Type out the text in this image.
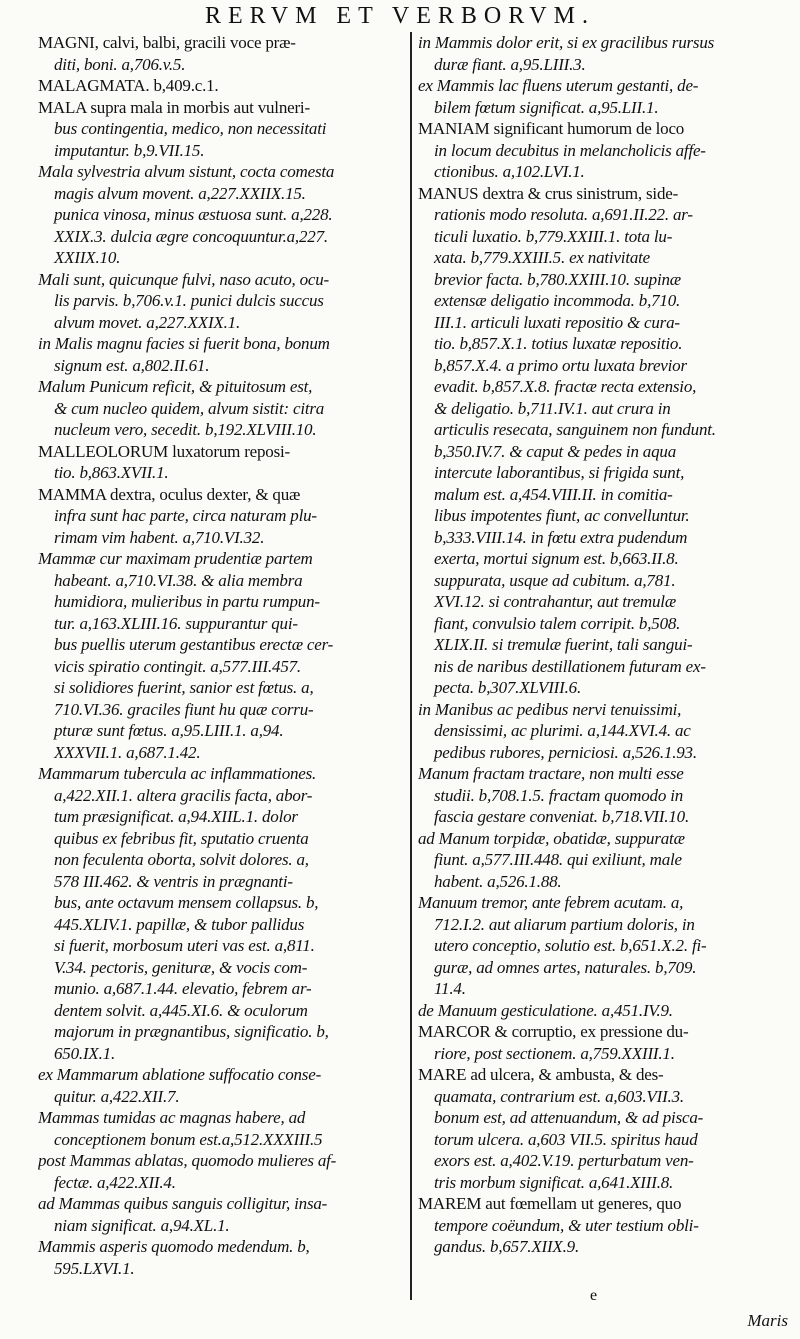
RERVM ET VERBORVM.
MAGNI, calvi, balbi, gracili voce præ-
diti, boni. a,706.v.5.
MALAGMATA. b,409.c.1.
MALA supra mala in morbis aut vulneri-
bus contingentia, medico, non necessitati
imputantur. b,9.VII.15.
Mala sylvestria alvum sistunt, cocta comesta
magis alvum movent. a,227.XXIIX.15.
punica vinosa, minus æstuosa sunt. a,228.
XXIX.3. dulcia ægre concoquuntur.a,227.
XXIIX.10.
Mali sunt, quicunque fulvi, naso acuto, ocu-
lis parvis. b,706.v.1. punici dulcis succus
alvum movet. a,227.XXIX.1.
in Malis magnu facies si fuerit bona, bonum
signum est. a,802.II.61.
Malum Punicum reficit, & pituitosum est,
& cum nucleo quidem, alvum sistit: citra
nucleum vero, secedit. b,192.XLVIII.10.
MALLEOLORUM luxatorum reposi-
tio. b,863.XVII.1.
MAMMA dextra, oculus dexter, & quæ
infra sunt hac parte, circa naturam plu-
rimam vim habent. a,710.VI.32.
Mammæ cur maximam prudentiæ partem
habeant. a,710.VI.38. & alia membra
humidiora, mulieribus in partu rumpun-
tur. a,163.XLIII.16. suppurantur qui-
bus puellis uterum gestantibus erectæ cer-
vicis spiratio contingit. a,577.III.457.
si solidiores fuerint, sanior est fœtus. a,
710.VI.36. graciles fiunt hu quæ corru-
pturæ sunt fœtus. a,95.LIII.1. a,94.
XXXVII.1. a,687.1.42.
Mammarum tubercula ac inflammationes.
a,422.XII.1. altera gracilis facta, abor-
tum præsignificat. a,94.XIIL.1. dolor
quibus ex febribus fit, sputatio cruenta
non feculenta oborta, solvit dolores. a,
578 III.462. & ventris in prægnanti-
bus, ante octavum mensem collapsus. b,
445.XLIV.1. papillæ, & tubor pallidus
si fuerit, morbosum uteri vas est. a,811.
V.34. pectoris, genituræ, & vocis com-
munio. a,687.1.44. elevatio, febrem ar-
dentem solvit. a,445.XI.6. & oculorum
majorum in prægnantibus, significatio. b,
650.IX.1.
ex Mammarum ablatione suffocatio conse-
quitur. a,422.XII.7.
Mammas tumidas ac magnas habere, ad
conceptionem bonum est.a,512.XXXIII.5
post Mammas ablatas, quomodo mulieres af-
fectæ. a,422.XII.4.
ad Mammas quibus sanguis colligitur, insa-
niam significat. a,94.XL.1.
Mammis asperis quomodo medendum. b,
595.LXVI.1.
in Mammis dolor erit, si ex gracilibus rursus
duræ fiant. a,95.LIII.3.
ex Mammis lac fluens uterum gestanti, de-
bilem fœtum significat. a,95.LII.1.
MANIAM significant humorum de loco
in locum decubitus in melancholicis affe-
ctionibus. a,102.LVI.1.
MANUS dextra & crus sinistrum, side-
rationis modo resoluta. a,691.II.22. ar-
ticuli luxatio. b,779.XXIII.1. tota lu-
xata. b,779.XXIII.5. ex nativitate
brevior facta. b,780.XXIII.10. supinæ
extensæ deligatio incommoda. b,710.
III.1. articuli luxati repositio & cura-
tio. b,857.X.1. totius luxatæ repositio.
b,857.X.4. a primo ortu luxata brevior
evadit. b,857.X.8. fractæ recta extensio,
& deligatio. b,711.IV.1. aut crura in
articulis resecata, sanguinem non fundunt.
b,350.IV.7. & caput & pedes in aqua
intercute laborantibus, si frigida sunt,
malum est. a,454.VIII.II. in comitia-
libus impotentes fiunt, ac convelluntur.
b,333.VIII.14. in fœtu extra pudendum
exerta, mortui signum est. b,663.II.8.
suppurata, usque ad cubitum. a,781.
XVI.12. si contrahantur, aut tremulæ
fiant, convulsio talem corripit. b,508.
XLIX.II. si tremulæ fuerint, tali sangui-
nis de naribus destillationem futuram ex-
pecta. b,307.XLVIII.6.
in Manibus ac pedibus nervi tenuissimi,
densissimi, ac plurimi. a,144.XVI.4. ac
pedibus rubores, perniciosi. a,526.1.93.
Manum fractam tractare, non multi esse
studii. b,708.1.5. fractam quomodo in
fascia gestare conveniat. b,718.VII.10.
ad Manum torpidæ, obatidæ, suppuratæ
fiunt. a,577.III.448. qui exiliunt, male
habent. a,526.1.88.
Manuum tremor, ante febrem acutam. a,
712.I.2. aut aliarum partium doloris, in
utero conceptio, solutio est. b,651.X.2. fi-
guræ, ad omnes artes, naturales. b,709.
11.4.
de Manuum gesticulatione. a,451.IV.9.
MARCOR & corruptio, ex pressione du-
riore, post sectionem. a,759.XXIII.1.
MARE ad ulcera, & ambusta, & des-
quamata, contrarium est. a,603.VII.3.
bonum est, ad attenuandum, & ad pisca-
torum ulcera. a,603 VII.5. spiritus haud
exors est. a,402.V.19. perturbatum ven-
tris morbum significat. a,641.XIII.8.
MAREM aut fœmellam ut generes, quo
tempore coëundum, & uter testium obli-
gandus. b,657.XIIX.9.
e
Maris
